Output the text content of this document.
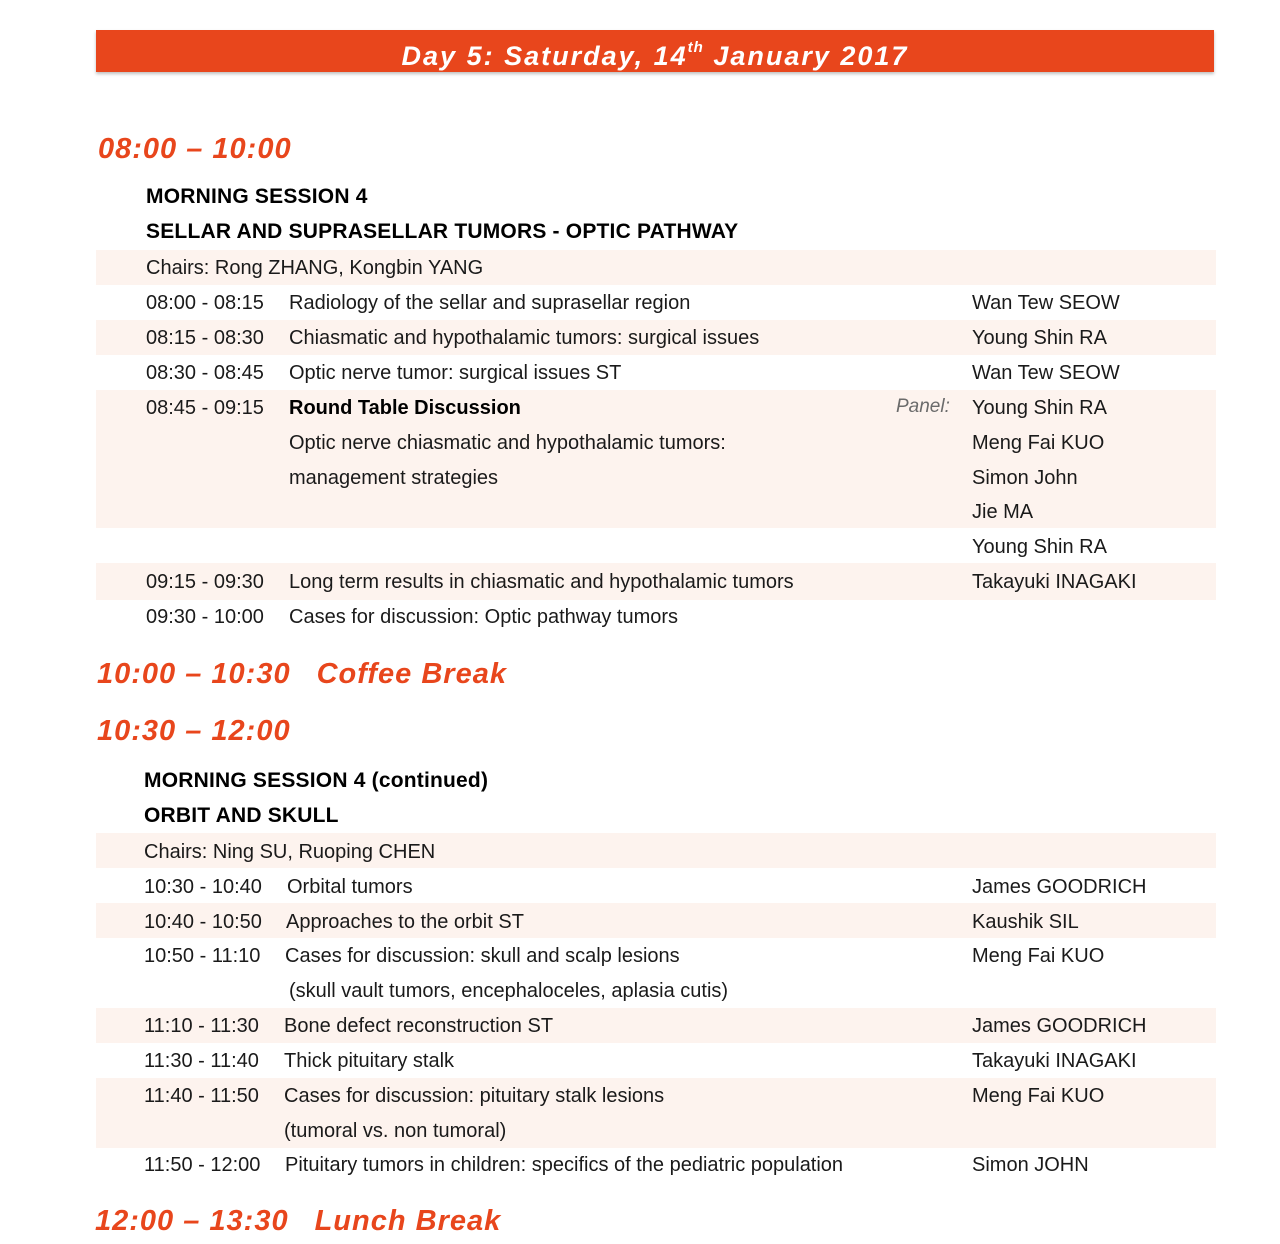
Day 5: Saturday, 14th January 2017
08:00 – 10:00
MORNING SESSION 4
SELLAR AND SUPRASELLAR TUMORS - OPTIC PATHWAY
Chairs: Rong ZHANG, Kongbin YANG
08:00 - 08:15 Radiology of the sellar and suprasellar region	Wan Tew SEOW
08:15 - 08:30 Chiasmatic and hypothalamic tumors: surgical issues	Young Shin RA
08:30 - 08:45 Optic nerve tumor: surgical issues ST	Wan Tew SEOW
08:45 - 09:15 Round Table Discussion	Panel: Young Shin RA
Optic nerve chiasmatic and hypothalamic tumors:	Meng Fai KUO
management strategies	Simon John
Jie MA
Young Shin RA
09:15 - 09:30 Long term results in chiasmatic and hypothalamic tumors	Takayuki INAGAKI
09:30 - 10:00 Cases for discussion: Optic pathway tumors
10:00 – 10:30 Coffee Break
10:30 – 12:00
MORNING SESSION 4 (continued)
ORBIT AND SKULL
Chairs: Ning SU, Ruoping CHEN
10:30 - 10:40 Orbital tumors	James GOODRICH
10:40 - 10:50 Approaches to the orbit ST	Kaushik SIL
10:50 - 11:10 Cases for discussion: skull and scalp lesions	Meng Fai KUO
(skull vault tumors, encephaloceles, aplasia cutis)
11:10 - 11:30 Bone defect reconstruction ST	James GOODRICH
11:30 - 11:40 Thick pituitary stalk	Takayuki INAGAKI
11:40 - 11:50 Cases for discussion: pituitary stalk lesions	Meng Fai KUO
(tumoral vs. non tumoral)
11:50 - 12:00 Pituitary tumors in children: specifics of the pediatric population	Simon JOHN
12:00 – 13:30 Lunch Break
